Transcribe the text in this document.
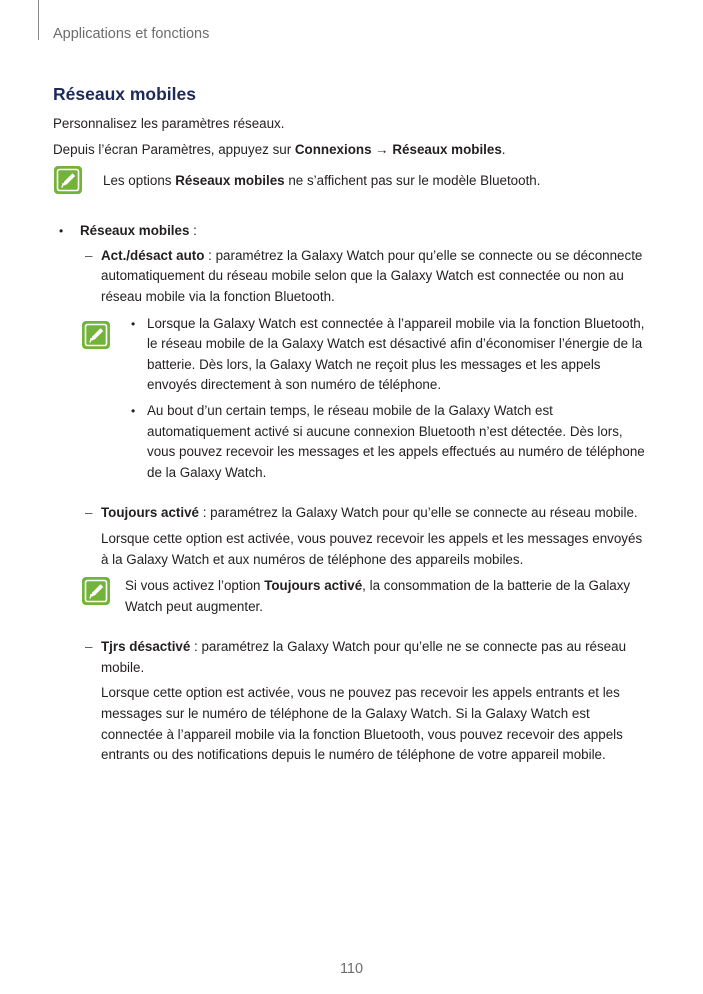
Applications et fonctions
Réseaux mobiles

Personnalisez les paramètres réseaux.

Depuis l’écran Paramètres, appuyez sur Connexions → Réseaux mobiles.

Les options Réseaux mobiles ne s’affichent pas sur le modèle Bluetooth.

• Réseaux mobiles :

– Act./désact auto : paramétrez la Galaxy Watch pour qu’elle se connecte ou se déconnecte automatiquement du réseau mobile selon que la Galaxy Watch est connectée ou non au réseau mobile via la fonction Bluetooth.

• Lorsque la Galaxy Watch est connectée à l’appareil mobile via la fonction Bluetooth, le réseau mobile de la Galaxy Watch est désactivé afin d’économiser l’énergie de la batterie. Dès lors, la Galaxy Watch ne reçoit plus les messages et les appels envoyés directement à son numéro de téléphone.

• Au bout d’un certain temps, le réseau mobile de la Galaxy Watch est automatiquement activé si aucune connexion Bluetooth n’est détectée. Dès lors, vous pouvez recevoir les messages et les appels effectués au numéro de téléphone de la Galaxy Watch.

– Toujours activé : paramétrez la Galaxy Watch pour qu’elle se connecte au réseau mobile.

Lorsque cette option est activée, vous pouvez recevoir les appels et les messages envoyés à la Galaxy Watch et aux numéros de téléphone des appareils mobiles.

Si vous activez l’option Toujours activé, la consommation de la batterie de la Galaxy Watch peut augmenter.

– Tjrs désactivé : paramétrez la Galaxy Watch pour qu’elle ne se connecte pas au réseau mobile.

Lorsque cette option est activée, vous ne pouvez pas recevoir les appels entrants et les messages sur le numéro de téléphone de la Galaxy Watch. Si la Galaxy Watch est connectée à l’appareil mobile via la fonction Bluetooth, vous pouvez recevoir des appels entrants ou des notifications depuis le numéro de téléphone de votre appareil mobile.

110
